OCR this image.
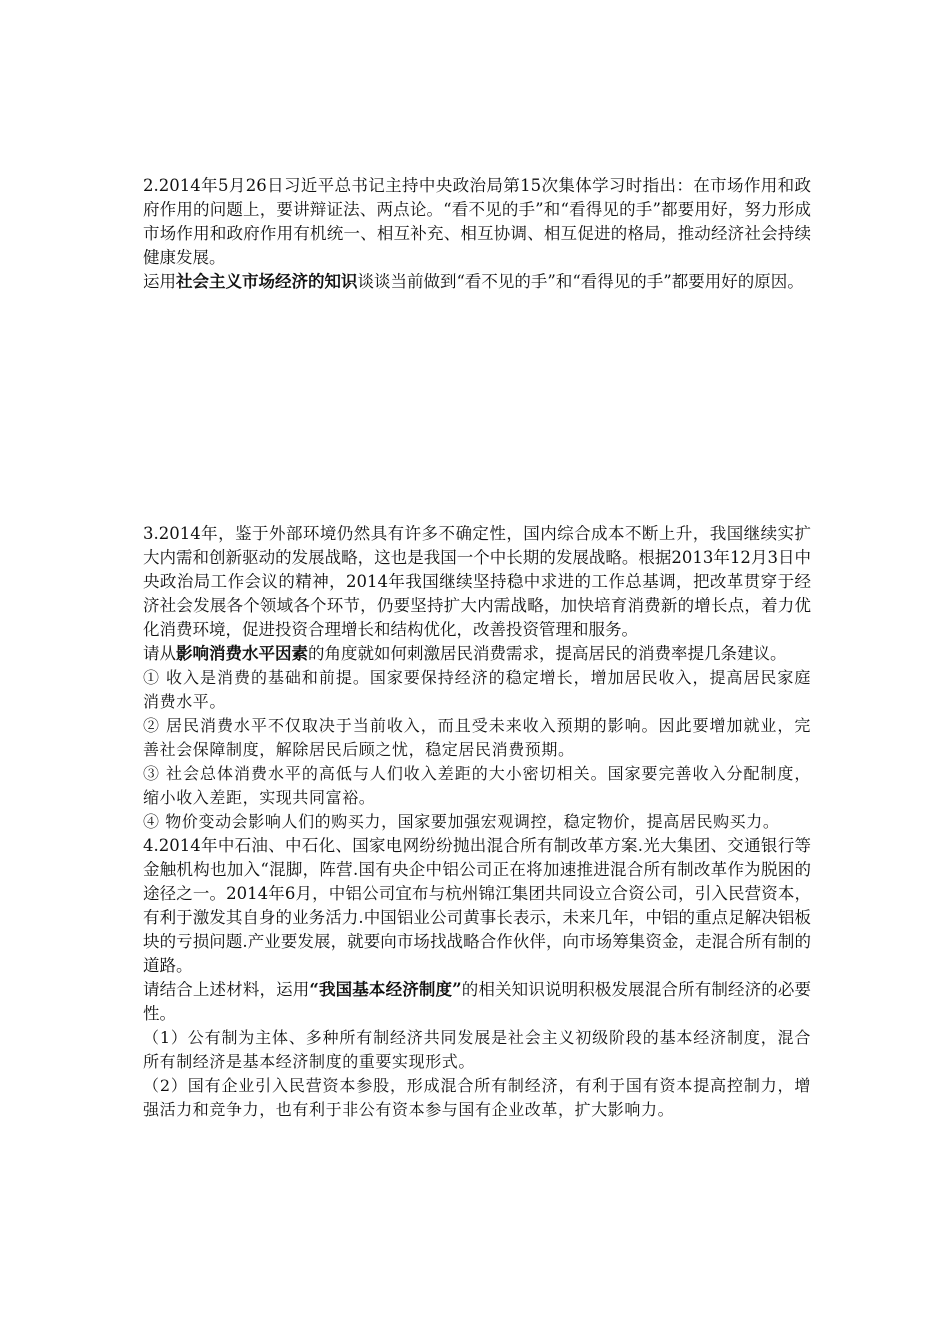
2.2014年5月26日习近平总书记主持中央政治局第15次集体学习时指出：在市场作用和政府作用的问题上，要讲辩证法、两点论。“看不见的手”和“看得见的手”都要用好，努力形成市场作用和政府作用有机统一、相互补充、相互协调、相互促进的格局，推动经济社会持续健康发展。

运用社会主义市场经济的知识谈谈当前做到“看不见的手”和“看得见的手”都要用好的原因。

3.2014年，鉴于外部环境仍然具有许多不确定性，国内综合成本不断上升，我国继续实扩大内需和创新驱动的发展战略，这也是我国一个中长期的发展战略。根据2013年12月3日中央政治局工作会议的精神，2014年我国继续坚持稳中求进的工作总基调，把改革贯穿于经济社会发展各个领域各个环节，仍要坚持扩大内需战略，加快培育消费新的增长点，着力优化消费环境，促进投资合理增长和结构优化，改善投资管理和服务。

请从影响消费水平因素的角度就如何刺激居民消费需求，提高居民的消费率提几条建议。

① 收入是消费的基础和前提。国家要保持经济的稳定增长，增加居民收入，提高居民家庭消费水平。

② 居民消费水平不仅取决于当前收入，而且受未来收入预期的影响。因此要增加就业，完善社会保障制度，解除居民后顾之忧，稳定居民消费预期。

③ 社会总体消费水平的高低与人们收入差距的大小密切相关。国家要完善收入分配制度，缩小收入差距，实现共同富裕。

④ 物价变动会影响人们的购买力，国家要加强宏观调控，稳定物价，提高居民购买力。

4.2014年中石油、中石化、国家电网纷纷抛出混合所有制改革方案.光大集团、交通银行等金触机构也加入“混脚，阵营.国有央企中铝公司正在将加速推进混合所有制改革作为脱困的途径之一。2014年6月，中铝公司宜布与杭州锦江集团共同设立合资公司，引入民营资本，有利于激发其自身的业务活力.中国铝业公司黄事长表示，未来几年，中铝的重点足解决铝板块的亏损问题.产业要发展，就要向市场找战略合作伙伴，向市场筹集资金，走混合所有制的道路。

请结合上述材料，运用“我国基本经济制度”的相关知识说明积极发展混合所有制经济的必要性。

（1）公有制为主体、多种所有制经济共同发展是社会主义初级阶段的基本经济制度，混合所有制经济是基本经济制度的重要实现形式。

（2）国有企业引入民营资本参股，形成混合所有制经济，有利于国有资本提高控制力，增强活力和竞争力，也有利于非公有资本参与国有企业改革，扩大影响力。
